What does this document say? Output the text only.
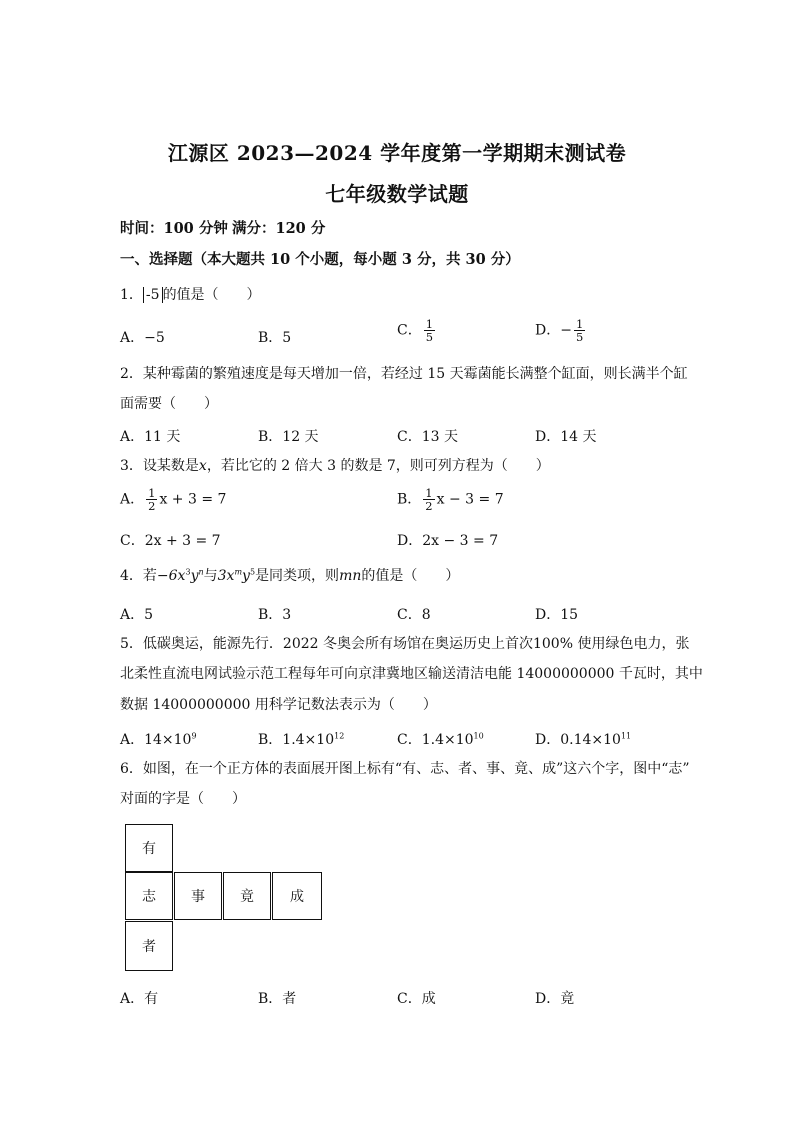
江源区 2023—2024 学年度第一学期期末测试卷
七年级数学试题
时间：100 分钟 满分：120 分
一、选择题（本大题共 10 个小题，每小题 3 分，共 30 分）
1． -5 的值是（　　）
A．−5	B．5	C． $\frac{1}{5}$	D．− $\frac{1}{5}$
2．某种霉菌的繁殖速度是每天增加一倍，若经过 15 天霉菌能长满整个缸面，则长满半个缸
面需要（　　）
A．11 天	B．12 天	C．13 天	D．14 天
3．设某数是x，若比它的 2 倍大 3 的数是 7，则可列方程为（　　）
A． $\frac{1}{2}$ x + 3 = 7	B． $\frac{1}{2}$ x − 3 = 7
C．2x + 3 = 7	D．2x − 3 = 7
4．若$-6x^3y^n$与$3x^my^5$是同类项，则mn的值是（　　）
A．5	B．3	C．8	D．15
5．低碳奥运，能源先行．2022 冬奥会所有场馆在奥运历史上首次100% 使用绿色电力，张
北柔性直流电网试验示范工程每年可向京津冀地区输送清洁电能 14000000000 千瓦时，其中
数据 14000000000 用科学记数法表示为（　　）
A．$14\times 10^9$	B．$1.4\times 10^{12}$	C．$1.4\times 10^{10}$	D．$0.14\times 10^{11}$
6．如图，在一个正方体的表面展开图上标有“有、志、者、事、竟、成”这六个字，图中“志”
对面的字是（　　）
有
志	事	竟	成
者
A．有	B．者	C．成	D．竟
